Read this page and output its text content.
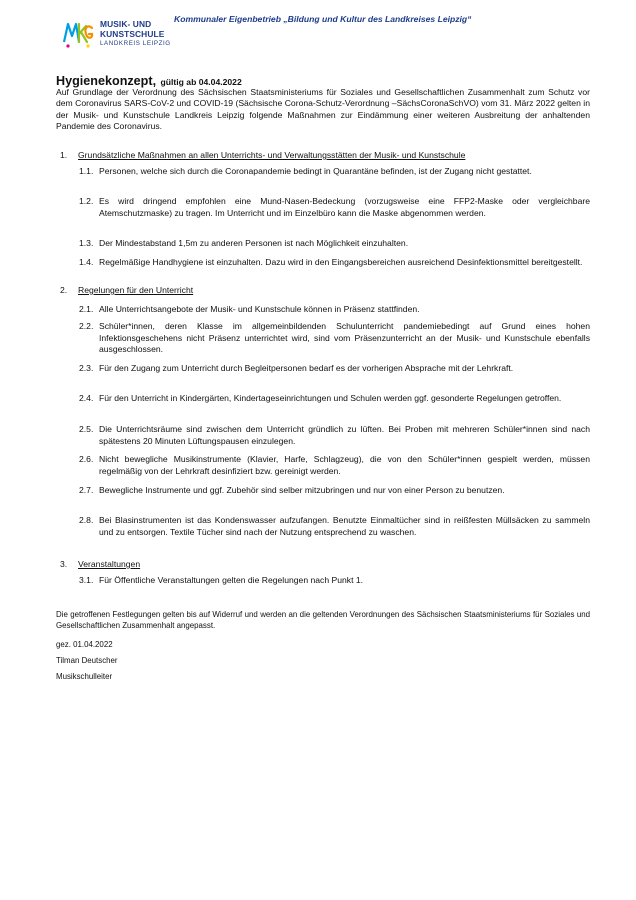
MUSIK- UND
KUNSTSCHULE
LANDKREIS LEIPZIG
Kommunaler Eigenbetrieb „Bildung und Kultur des Landkreises Leipzig“
Hygienekonzept, gültig ab 04.04.2022
Auf Grundlage der Verordnung des Sächsischen Staatsministeriums für Soziales und Gesellschaftlichen Zusammenhalt zum Schutz vor dem Coronavirus SARS-CoV-2 und COVID-19 (Sächsische Corona-Schutz-Verordnung –SächsCoronaSchVO) vom 31. März 2022 gelten in der Musik- und Kunstschule Landkreis Leipzig folgende Maßnahmen zur Eindämmung einer weiteren Ausbreitung der anhaltenden Pandemie des Coronavirus.
1. Grundsätzliche Maßnahmen an allen Unterrichts- und Verwaltungsstätten der Musik- und Kunstschule
1.1. Personen, welche sich durch die Coronapandemie bedingt in Quarantäne befinden, ist der Zugang nicht gestattet.
1.2. Es wird dringend empfohlen eine Mund-Nasen-Bedeckung (vorzugsweise eine FFP2-Maske oder vergleichbare Atemschutzmaske) zu tragen. Im Unterricht und im Einzelbüro kann die Maske abgenommen werden.
1.3. Der Mindestabstand 1,5m zu anderen Personen ist nach Möglichkeit einzuhalten.
1.4. Regelmäßige Handhygiene ist einzuhalten. Dazu wird in den Eingangsbereichen ausreichend Desinfektionsmittel bereitgestellt.
2. Regelungen für den Unterricht
2.1. Alle Unterrichtsangebote der Musik- und Kunstschule können in Präsenz stattfinden.
2.2. Schüler*innen, deren Klasse im allgemeinbildenden Schulunterricht pandemiebedingt auf Grund eines hohen Infektionsgeschehens nicht Präsenz unterrichtet wird, sind vom Präsenzunterricht an der Musik- und Kunstschule ebenfalls ausgeschlossen.
2.3. Für den Zugang zum Unterricht durch Begleitpersonen bedarf es der vorherigen Absprache mit der Lehrkraft.
2.4. Für den Unterricht in Kindergärten, Kindertageseinrichtungen und Schulen werden ggf. gesonderte Regelungen getroffen.
2.5. Die Unterrichtsräume sind zwischen dem Unterricht gründlich zu lüften. Bei Proben mit mehreren Schüler*innen sind nach spätestens 20 Minuten Lüftungspausen einzulegen.
2.6. Nicht bewegliche Musikinstrumente (Klavier, Harfe, Schlagzeug), die von den Schüler*innen gespielt werden, müssen regelmäßig von der Lehrkraft desinfiziert bzw. gereinigt werden.
2.7. Bewegliche Instrumente und ggf. Zubehör sind selber mitzubringen und nur von einer Person zu benutzen.
2.8. Bei Blasinstrumenten ist das Kondenswasser aufzufangen. Benutzte Einmaltücher sind in reißfesten Müllsäcken zu sammeln und zu entsorgen. Textile Tücher sind nach der Nutzung entsprechend zu waschen.
3. Veranstaltungen
3.1. Für Öffentliche Veranstaltungen gelten die Regelungen nach Punkt 1.
Die getroffenen Festlegungen gelten bis auf Widerruf und werden an die geltenden Verordnungen des Sächsischen Staatsministeriums für Soziales und Gesellschaftlichen Zusammenhalt angepasst.
gez. 01.04.2022
Tilman Deutscher
Musikschulleiter
